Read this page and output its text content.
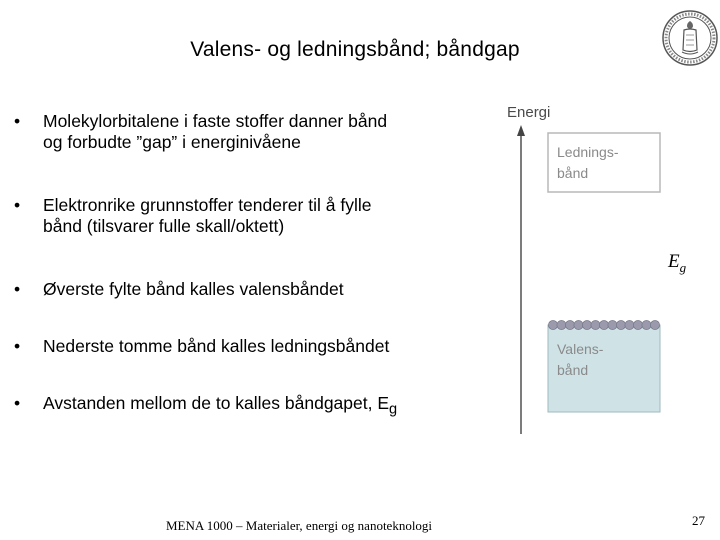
Valens- og ledningsbånd; båndgap
•	Molekylorbitalene i faste stoffer danner bånd
og forbudte ”gap” i energinivåene
•	Elektronrike grunnstoffer tenderer til å fylle
bånd (tilsvarer fulle skall/oktett)
•	Øverste fylte bånd kalles valensbåndet
•	Nederste tomme bånd kalles ledningsbåndet
•	Avstanden mellom de to kalles båndgapet, $E_g$
Energi
Lednings-
bånd
$E_g$
Valens-
bånd
MENA 1000 – Materialer, energi og nanoteknologi	27
